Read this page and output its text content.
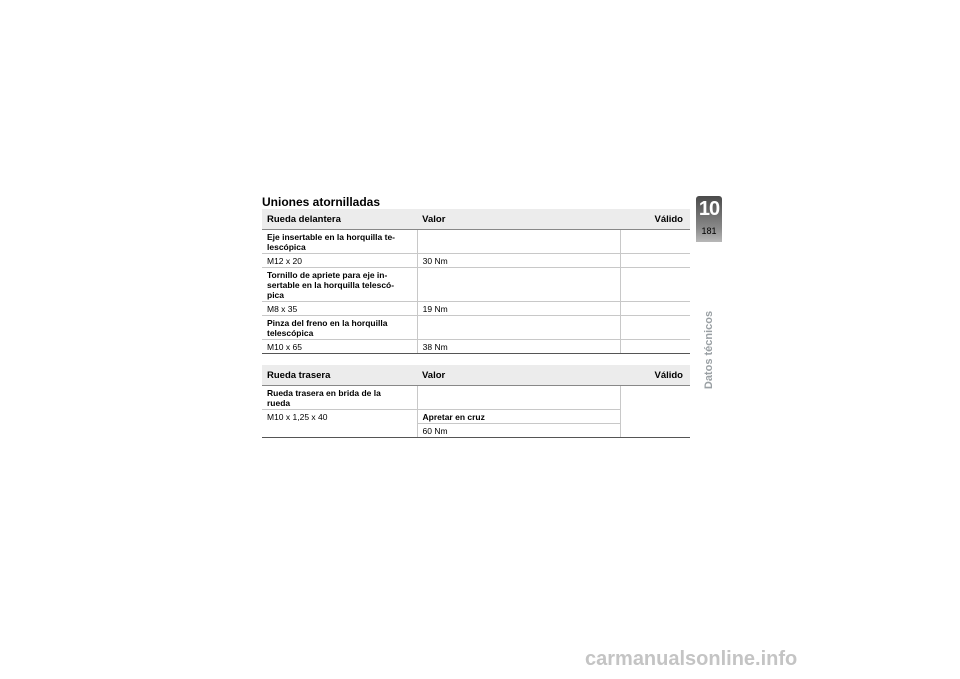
Uniones atornilladas
Rueda delantera	Valor	Válido
Eje insertable en la horquilla te-
lescópica		
M12 x 20	30 Nm	
Tornillo de apriete para eje in-
sertable en la horquilla telescó-
pica		
M8 x 35	19 Nm	
Pinza del freno en la horquilla
telescópica		
M10 x 65	38 Nm	
Rueda trasera	Valor	Válido
Rueda trasera en brida de la
rueda		
M10 x 1,25 x 40	Apretar en cruz	
	60 Nm	
10
181
Datos técnicos
carmanualsonline.info
